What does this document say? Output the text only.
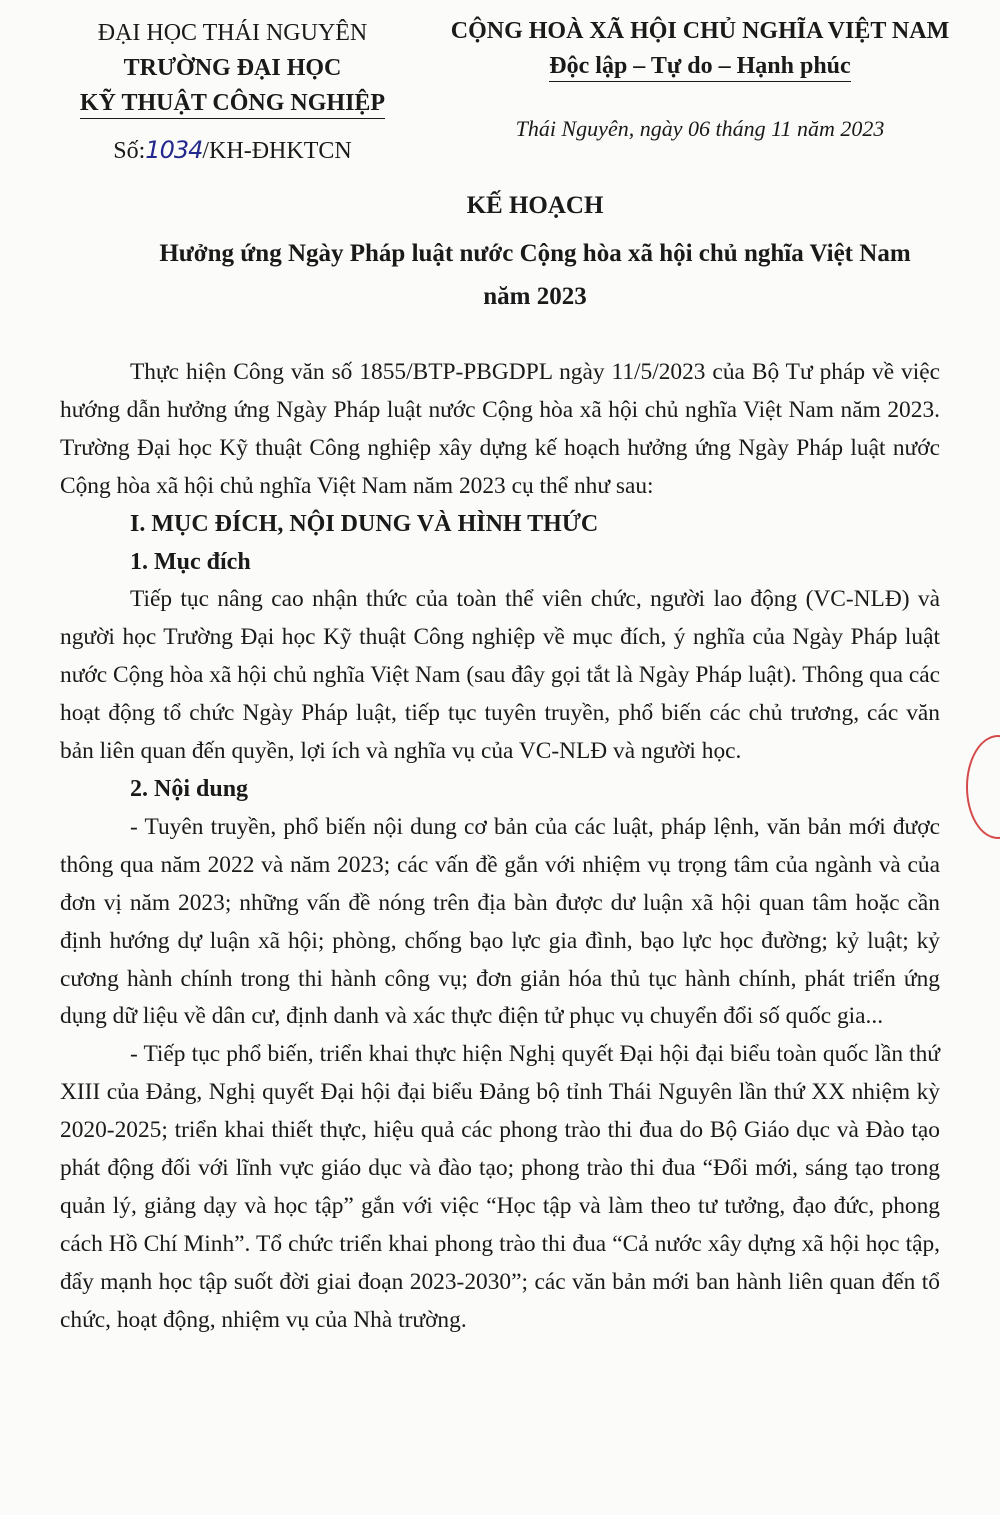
ĐẠI HỌC THÁI NGUYÊN
TRƯỜNG ĐẠI HỌC
KỸ THUẬT CÔNG NGHIỆP
Số:1034/KH-ĐHKTCN
CỘNG HOÀ XÃ HỘI CHỦ NGHĨA VIỆT NAM
Độc lập – Tự do – Hạnh phúc
Thái Nguyên, ngày 06 tháng 11 năm 2023
KẾ HOẠCH
Hưởng ứng Ngày Pháp luật nước Cộng hòa xã hội chủ nghĩa Việt Nam
năm 2023

Thực hiện Công văn số 1855/BTP-PBGDPL ngày 11/5/2023 của Bộ Tư pháp về việc hướng dẫn hưởng ứng Ngày Pháp luật nước Cộng hòa xã hội chủ nghĩa Việt Nam năm 2023. Trường Đại học Kỹ thuật Công nghiệp xây dựng kế hoạch hưởng ứng Ngày Pháp luật nước Cộng hòa xã hội chủ nghĩa Việt Nam năm 2023 cụ thể như sau:

I. MỤC ĐÍCH, NỘI DUNG VÀ HÌNH THỨC
1. Mục đích

Tiếp tục nâng cao nhận thức của toàn thể viên chức, người lao động (VC-NLĐ) và người học Trường Đại học Kỹ thuật Công nghiệp về mục đích, ý nghĩa của Ngày Pháp luật nước Cộng hòa xã hội chủ nghĩa Việt Nam (sau đây gọi tắt là Ngày Pháp luật). Thông qua các hoạt động tổ chức Ngày Pháp luật, tiếp tục tuyên truyền, phổ biến các chủ trương, các văn bản liên quan đến quyền, lợi ích và nghĩa vụ của VC-NLĐ và người học.

2. Nội dung

- Tuyên truyền, phổ biến nội dung cơ bản của các luật, pháp lệnh, văn bản mới được thông qua năm 2022 và năm 2023; các vấn đề gắn với nhiệm vụ trọng tâm của ngành và của đơn vị năm 2023; những vấn đề nóng trên địa bàn được dư luận xã hội quan tâm hoặc cần định hướng dự luận xã hội; phòng, chống bạo lực gia đình, bạo lực học đường; kỷ luật; kỷ cương hành chính trong thi hành công vụ; đơn giản hóa thủ tục hành chính, phát triển ứng dụng dữ liệu về dân cư, định danh và xác thực điện tử phục vụ chuyển đổi số quốc gia...

- Tiếp tục phổ biến, triển khai thực hiện Nghị quyết Đại hội đại biểu toàn quốc lần thứ XIII của Đảng, Nghị quyết Đại hội đại biểu Đảng bộ tỉnh Thái Nguyên lần thứ XX nhiệm kỳ 2020-2025; triển khai thiết thực, hiệu quả các phong trào thi đua do Bộ Giáo dục và Đào tạo phát động đối với lĩnh vực giáo dục và đào tạo; phong trào thi đua “Đổi mới, sáng tạo trong quản lý, giảng dạy và học tập” gắn với việc “Học tập và làm theo tư tưởng, đạo đức, phong cách Hồ Chí Minh”. Tổ chức triển khai phong trào thi đua “Cả nước xây dựng xã hội học tập, đẩy mạnh học tập suốt đời giai đoạn 2023-2030”; các văn bản mới ban hành liên quan đến tổ chức, hoạt động, nhiệm vụ của Nhà trường.
